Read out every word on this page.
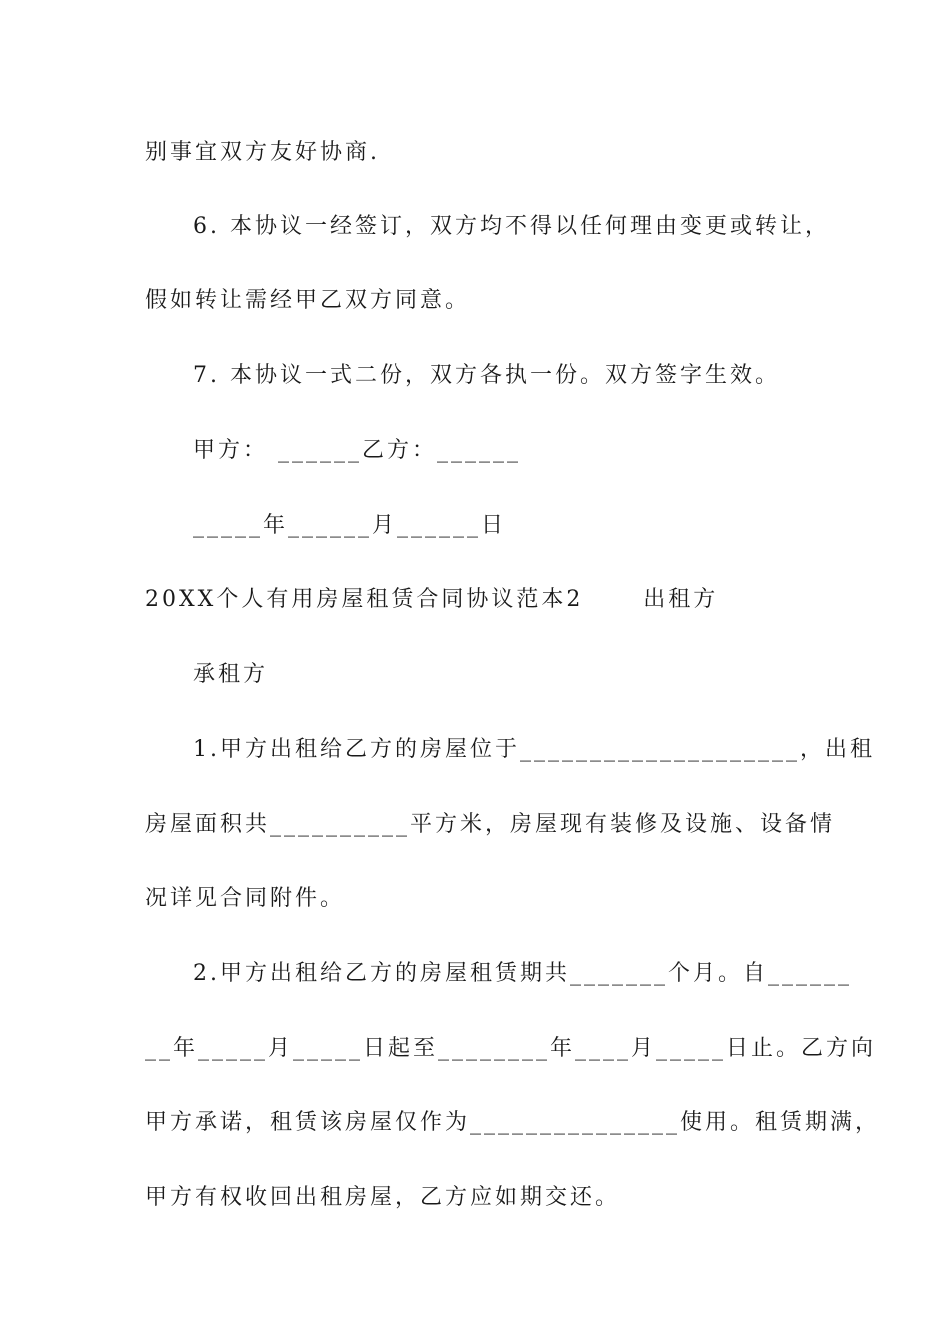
别事宜双方友好协商.
6. 本协议一经签订，双方均不得以任何理由变更或转让，
假如转让需经甲乙双方同意。
7. 本协议一式二份，双方各执一份。双方签字生效。
甲方： ______乙方：______
_____年______月______日
20XX个人有用房屋租赁合同协议范本2      出租方
承租方
1.甲方出租给乙方的房屋位于____________________，出租
房屋面积共__________平方米，房屋现有装修及设施、设备情
况详见合同附件。
2.甲方出租给乙方的房屋租赁期共_______个月。自______
__年_____月_____日起至________年____月_____日止。乙方向
甲方承诺，租赁该房屋仅作为_______________使用。租赁期满，
甲方有权收回出租房屋，乙方应如期交还。
